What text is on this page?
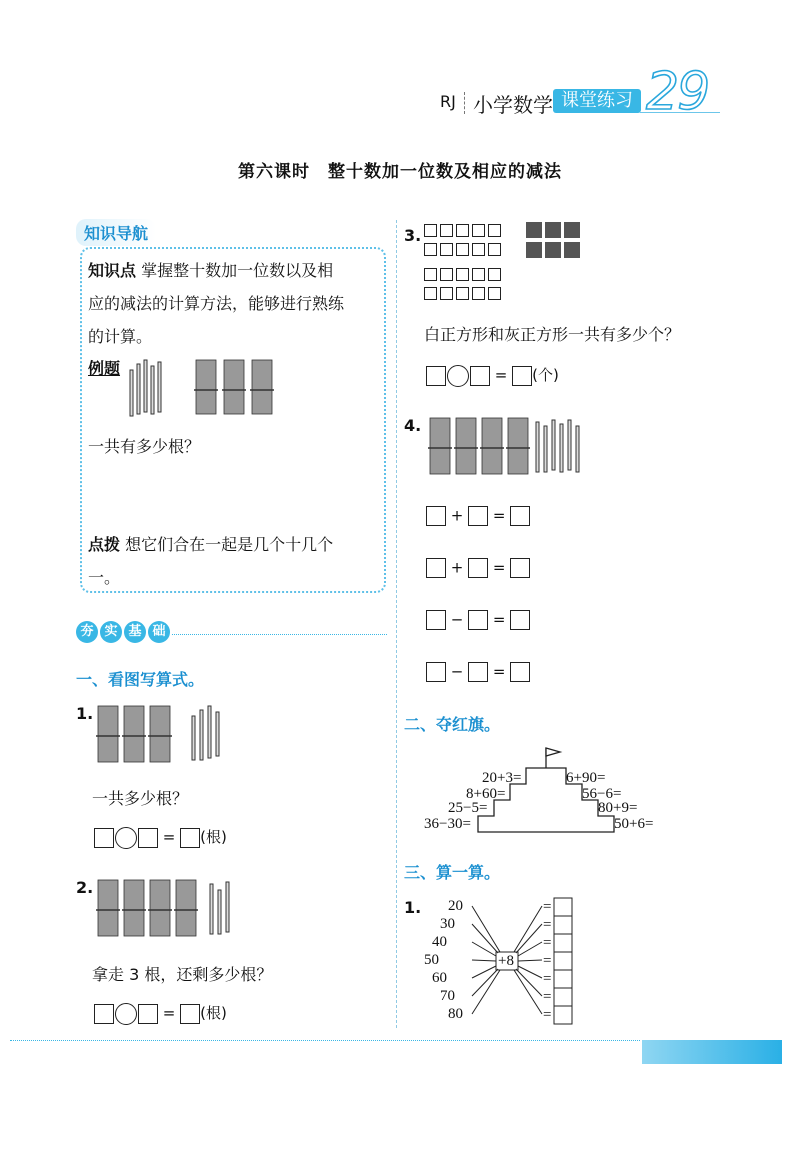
RJ 小学数学 课堂练习 29
第六课时　整十数加一位数及相应的减法
知识导航
知识点 掌握整十数加一位数以及相
应的减法的计算方法，能够进行熟练
的计算。
例题
一共有多少根？
点拨 想它们合在一起是几个十几个
一。
夯 实 基 础
一、看图写算式。
1.
一共多少根？
= (根)
2.
拿走 3 根，还剩多少根？
= (根)
3.
白正方形和灰正方形一共有多少个？
= (个)
4.
+ =
+ =
− =
− =
二、夺红旗。
20+3=
8+60=
25−5=
36−30=
6+90=
56−6=
80+9=
50+6=
三、算一算。
1. 20
30
40
50
60
70
80
+8
=
=
=
=
=
=
=
